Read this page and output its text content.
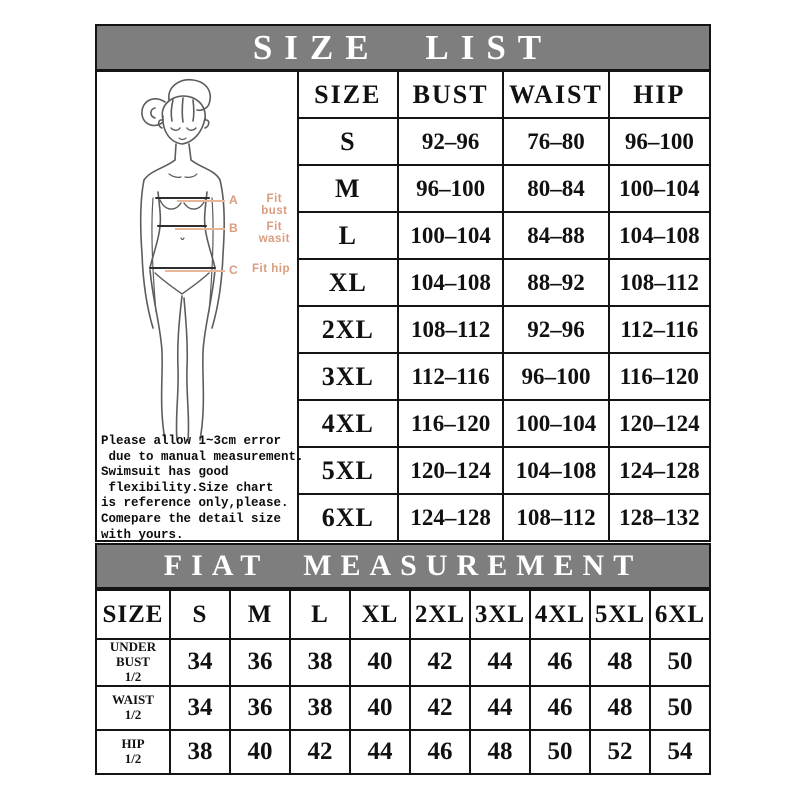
SIZE LIST
A	Fit bust
B	Fit wasit
C Fit hip
Please allow 1~3cm error
due to manual measurement.
Swimsuit has good
flexibility.Size chart
is reference only,please.
Comepare the detail size
with yours.
	SIZE	BUST	WAIST	HIP
	S	92–96	76–80	96–100
	M	96–100	80–84	100–104
	L	100–104	84–88	104–108
	XL	104–108	88–92	108–112
	2XL	108–112	92–96	112–116
	3XL	112–116	96–100	116–120
	4XL	116–120	100–104	120–124
	5XL	120–124	104–108	124–128
	6XL	124–128	108–112	128–132
FIAT MEASUREMENT
SIZE	S	M	L	XL	2XL	3XL	4XL	5XL	6XL

UNDER BUST
1/2	34	36	38	40	42	44	46	48	50

WAIST
1/2	34	36	38	40	42	44	46	48	50

HIP
1/2	38	40	42	44	46	48	50	52	54
